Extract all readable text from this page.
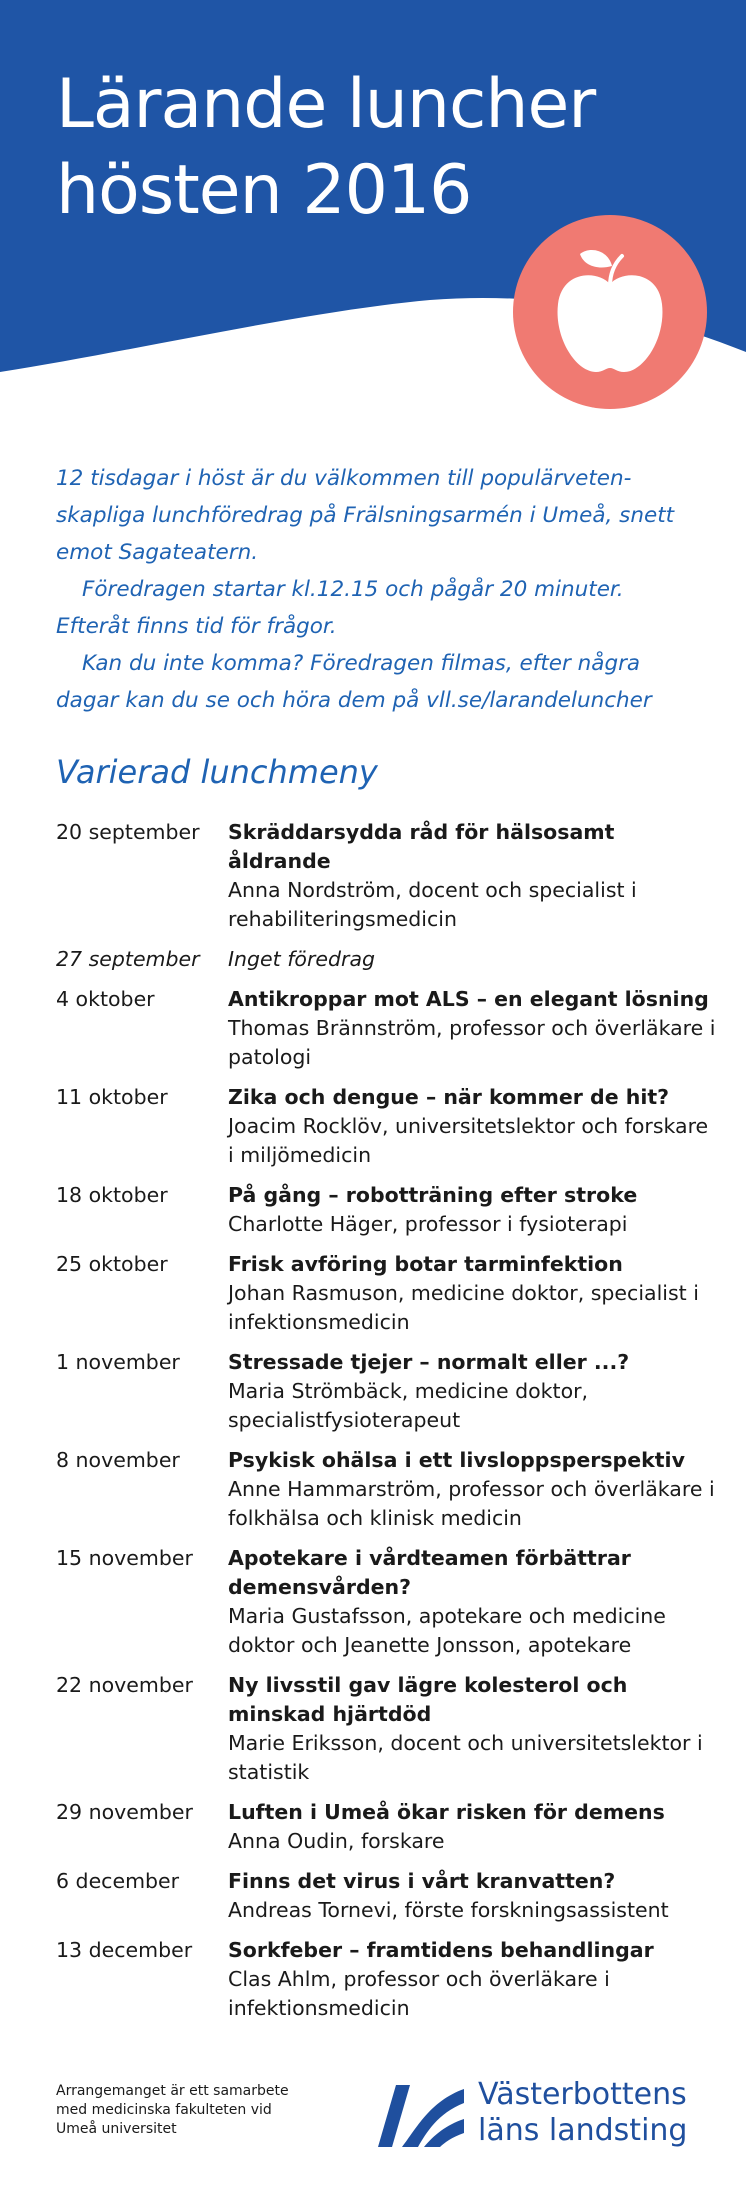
Lärande luncher
hösten 2016

12 tisdagar i höst är du välkommen till populärveten-skapliga lunchföredrag på Frälsningsarmén i Umeå, snett emot Sagateatern.

Föredragen startar kl.12.15 och pågår 20 minuter. Efteråt finns tid för frågor.

Kan du inte komma? Föredragen filmas, efter några dagar kan du se och höra dem på vll.se/larandeluncher

Varierad lunchmeny
20 september	Skräddarsydda råd för hälsosamt åldrande
Anna Nordström, docent och specialist i rehabiliteringsmedicin
27 september	Inget föredrag
4 oktober	Antikroppar mot ALS – en elegant lösning
Thomas Brännström, professor och överläkare i patologi
11 oktober	Zika och dengue – när kommer de hit?
Joacim Rocklöv, universitetslektor och forskare i miljömedicin
18 oktober	På gång – robotträning efter stroke
Charlotte Häger, professor i fysioterapi
25 oktober	Frisk avföring botar tarminfektion
Johan Rasmuson, medicine doktor, specialist i infektionsmedicin
1 november	Stressade tjejer – normalt eller ...?
Maria Strömbäck, medicine doktor, specialistfysioterapeut
8 november	Psykisk ohälsa i ett livsloppsperspektiv
Anne Hammarström, professor och överläkare i folkhälsa och klinisk medicin
15 november	Apotekare i vårdteamen förbättrar demensvården?
Maria Gustafsson, apotekare och medicine doktor och Jeanette Jonsson, apotekare
22 november	Ny livsstil gav lägre kolesterol och minskad hjärtdöd
Marie Eriksson, docent och universitetslektor i statistik
29 november	Luften i Umeå ökar risken för demens
Anna Oudin, forskare
6 december	Finns det virus i vårt kranvatten?
Andreas Tornevi, förste forskningsassistent
13 december	Sorkfeber – framtidens behandlingar
Clas Ahlm, professor och överläkare i infektionsmedicin
Arrangemanget är ett samarbete
med medicinska fakulteten vid
Umeå universitet
Västerbottens
läns landsting
